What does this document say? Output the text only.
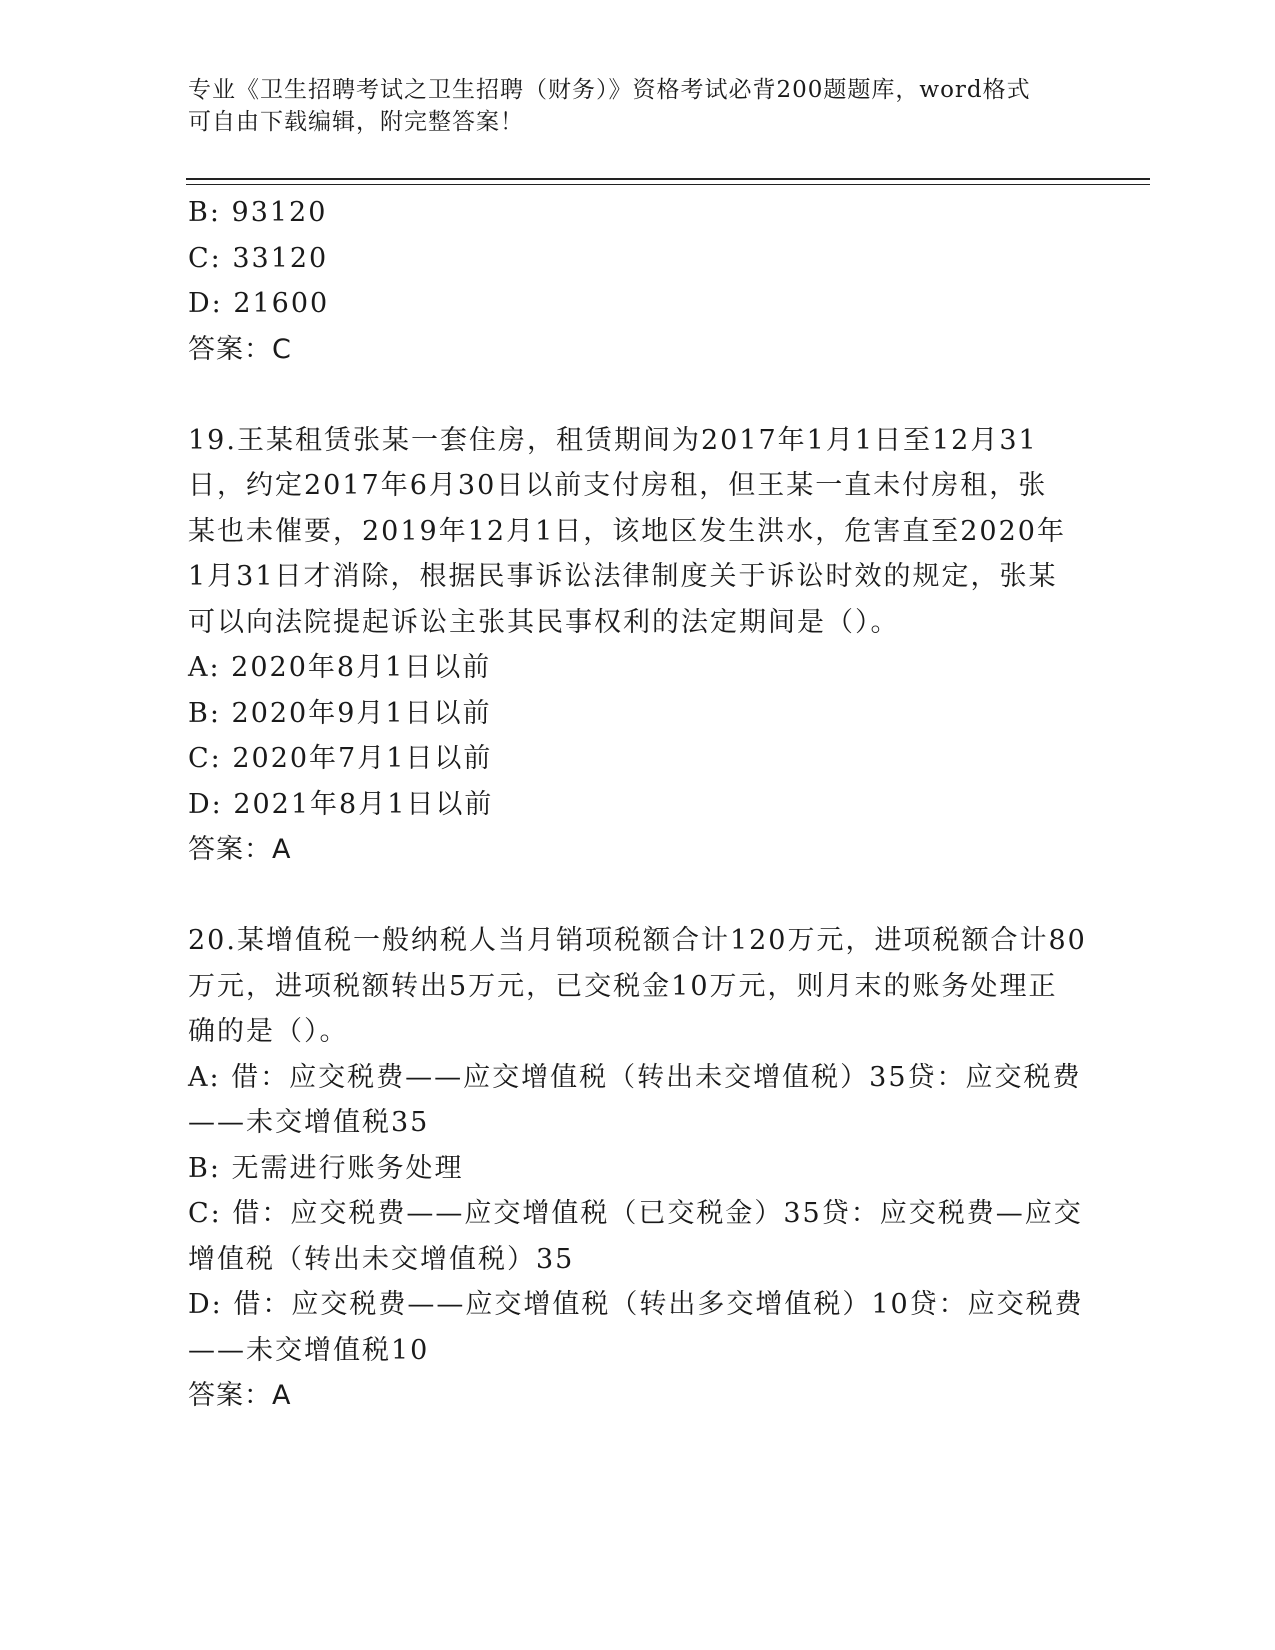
专业《卫生招聘考试之卫生招聘（财务）》资格考试必背200题题库，word格式
可自由下载编辑，附完整答案！
B: 93120
C: 33120
D: 21600
答案：C
19.王某租赁张某一套住房，租赁期间为2017年1月1日至12月31
日，约定2017年6月30日以前支付房租，但王某一直未付房租，张
某也未催要，2019年12月1日，该地区发生洪水，危害直至2020年
1月31日才消除，根据民事诉讼法律制度关于诉讼时效的规定，张某
可以向法院提起诉讼主张其民事权利的法定期间是（）。
A: 2020年8月1日以前
B: 2020年9月1日以前
C: 2020年7月1日以前
D: 2021年8月1日以前
答案：A
20.某增值税一般纳税人当月销项税额合计120万元，进项税额合计80
万元，进项税额转出5万元，已交税金10万元，则月末的账务处理正
确的是（）。
A: 借：应交税费——应交增值税（转出未交增值税）35贷：应交税费
——未交增值税35
B: 无需进行账务处理
C: 借：应交税费——应交增值税（已交税金）35贷：应交税费—应交
增值税（转出未交增值税）35
D: 借：应交税费——应交增值税（转出多交增值税）10贷：应交税费
——未交增值税10
答案：A
